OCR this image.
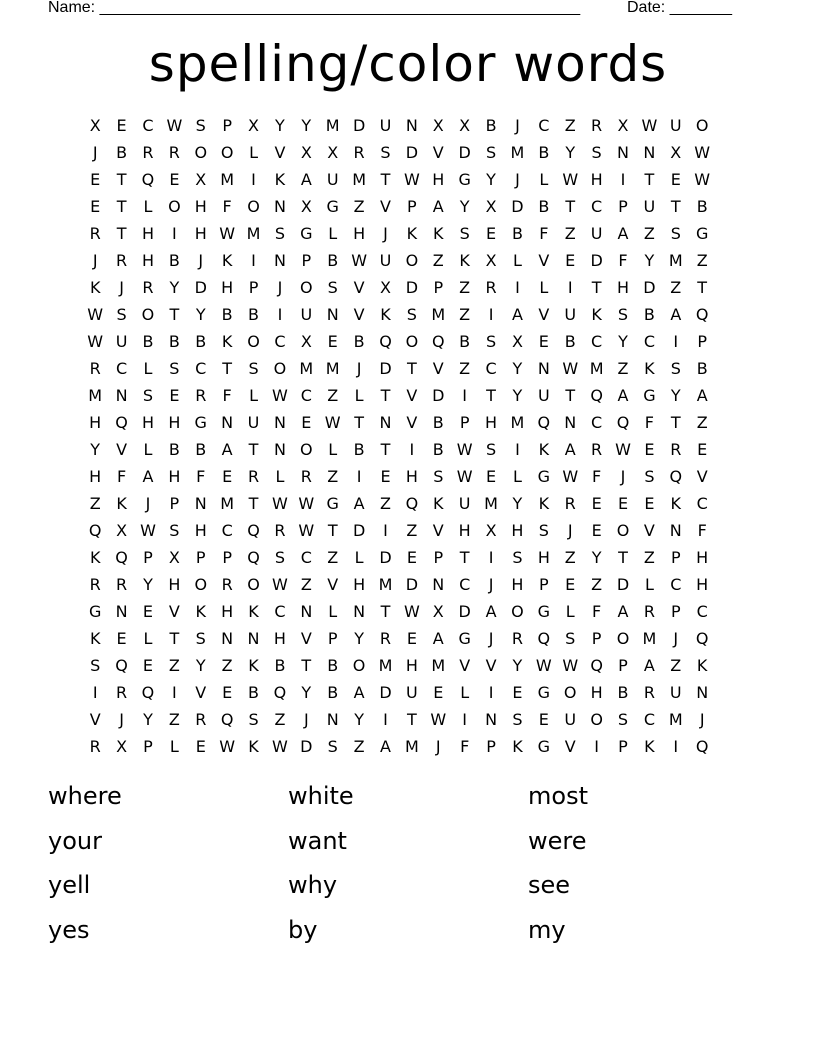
Name: ______________________________________________________	Date: _______
spelling/color words
X E C W S	P	X	Y	Y M D U N X X B	J	C Z R X W U O
J	B R R O O L	V X X R S D V D S M B	Y	S N N X W
E	T Q E X M	I	K A U M T W H G Y	J	L W H	I	T	E W
E	T	L O H F O N X G Z V	P	A	Y	X D B	T C P U T	B
R T H	I	H W M S G L H	J	K K	S	E B	F	Z U A Z S G
J	R H B	J	K	I	N P	B W U O Z K X	L	V E D F	Y M Z
K	J	R Y D H P	J	O S V X D P	Z R	I	L	I	T H D Z	T
W S O T	Y	B B	I	U N V K	S M Z	I	A V U K	S B A Q
W U B B B K O C X E B Q O Q B S X E B C Y C	I	P
R C	L	S C T	S O M M	J	D T	V Z C Y N W M Z K	S B
M N S	E R	F	L W C Z	L	T	V D	I	T	Y U T Q A G Y	A
H Q H H G N U N E W T N V B	P H M Q N C Q F	T	Z
Y	V	L	B B A	T N O L	B	T	I	B W S	I	K A R W E R E
H F	A H F	E R	L	R Z	I	E H S W E	L G W F	J	S Q V
Z K	J	P N M T W W G A Z Q K U M Y	K R E	E	E	K C
Q X W S H C Q R W T D	I	Z V H X H S	J	E O V N F
K Q P	X	P	P Q S C Z	L D E	P	T	I	S H Z	Y	T	Z	P H
R R Y H O R O W Z V H M D N C	J	H P	E Z D L	C H
G N E V K H K C N L N T W X D A O G L	F	A R	P C
K	E	L	T	S N N H V	P	Y R E A G	J	R Q S	P O M	J	Q
S Q E Z	Y	Z K B	T	B O M H M V V	Y W W Q P	A Z K
I	R Q	I	V E B Q Y	B A D U E	L	I	E G O H B R U N
V	J	Y	Z R Q S Z	J	N Y	I	T W	I	N S	E U O S C M	J
R X	P	L	E W K W D S Z A M	J	F	P	K G V	I	P	K	I	Q
where	white	most
your	want	were
yell	why	see
yes	by	my
